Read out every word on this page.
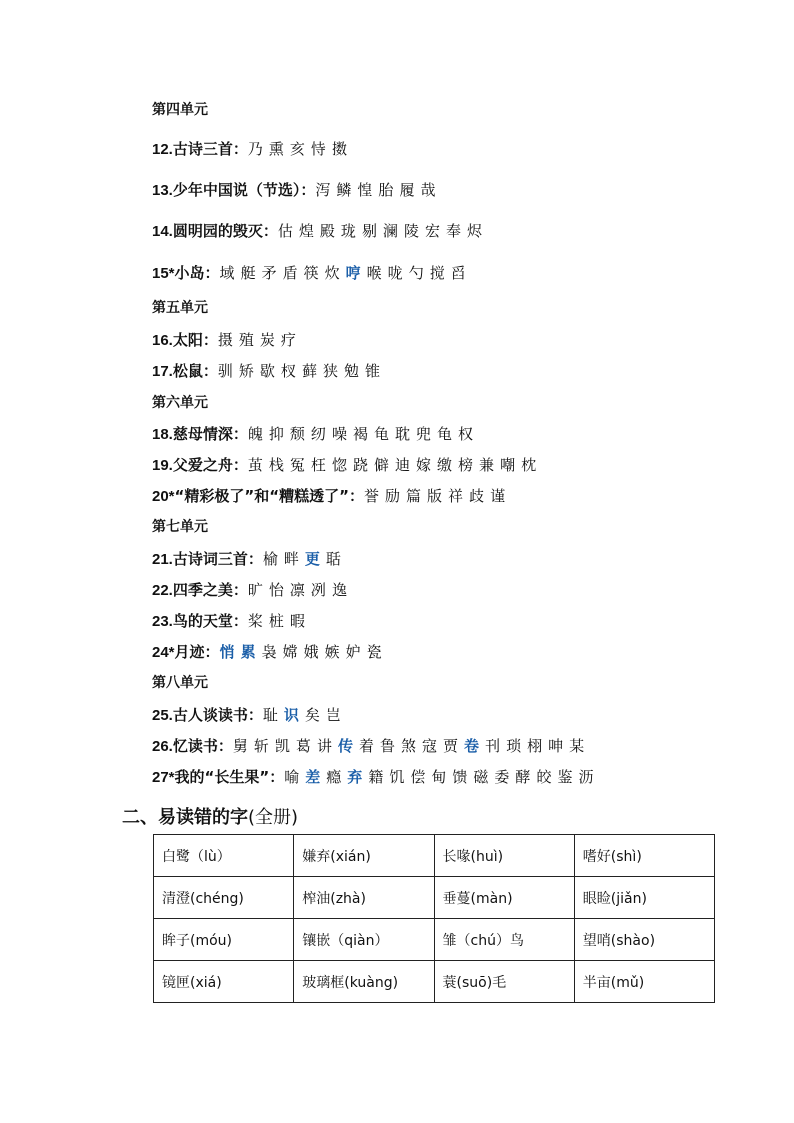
第四单元
12.古诗三首：乃 熏 亥 恃 擞
13.少年中国说（节选）：泻 鳞 惶 胎 履 哉
14.圆明园的毁灭：估 煌 殿 珑 剔 澜 陵 宏 奉 烬
15*小岛：域 艇 矛 盾 筷 炊 哼 喉 咙 勺 搅 舀
第五单元
16.太阳：摄 殖 炭 疗
17.松鼠：驯 矫 歇 杈 藓 狭 勉 锥
第六单元
18.慈母情深：魄 抑 颓 纫 噪 褐 龟 耽 兜 龟 权
19.父爱之舟：茧 栈 冤 枉 惚 跷 僻 迪 嫁 缴 榜 兼 嘲 枕
20*“精彩极了”和“糟糕透了”：誉 励 篇 版 祥 歧 谨
第七单元
21.古诗词三首：榆 畔 更 聒
22.四季之美：旷 怡 凛 冽 逸
23.鸟的天堂：桨 桩 暇
24*月迹：悄 累 袅 嫦 娥 嫉 妒 瓷
第八单元
25.古人谈读书：耻 识 矣 岂
26.忆读书：舅 斩 凯 葛 讲 传 着 鲁 煞 寇 贾 卷 刊 琐 栩 呻 某
27*我的“长生果”：喻 差 瘾 弃 籍 饥 偿 甸 馈 磁 委 酵 皎 鉴 沥
二、易读错的字(全册)
白鹭（lù）	嫌弃(xián)	长喙(huì)	嗜好(shì)
清澄(chéng)	榨油(zhà)	垂蔓(màn)	眼睑(jiǎn)
眸子(móu)	镶嵌（qiàn）	雏（chú）鸟	望哨(shào)
镜匣(xiá)	玻璃框(kuàng)	蓑(suō)毛	半亩(mǔ)
